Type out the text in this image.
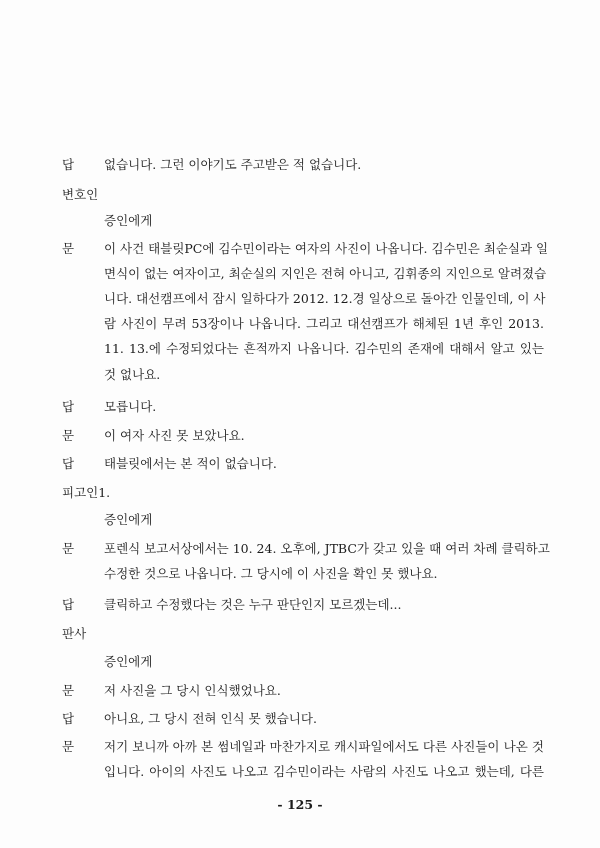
답 없습니다. 그런 이야기도 주고받은 적 없습니다.
변호인
증인에게
문 이 사건 태블릿PC에 김수민이라는 여자의 사진이 나옵니다. 김수민은 최순실과 일
면식이 없는 여자이고, 최순실의 지인은 전혀 아니고, 김휘종의 지인으로 알려졌습
니다. 대선캠프에서 잠시 일하다가 2012. 12.경 일상으로 돌아간 인물인데, 이 사
람 사진이 무려 53장이나 나옵니다. 그리고 대선캠프가 해체된 1년 후인 2013.
11. 13.에 수정되었다는 흔적까지 나옵니다. 김수민의 존재에 대해서 알고 있는
것 없나요.
답 모릅니다.
문 이 여자 사진 못 보았나요.
답 태블릿에서는 본 적이 없습니다.
피고인1.
증인에게
문 포렌식 보고서상에서는 10. 24. 오후에, JTBC가 갖고 있을 때 여러 차례 클릭하고
수정한 것으로 나옵니다. 그 당시에 이 사진을 확인 못 했나요.
답 클릭하고 수정했다는 것은 누구 판단인지 모르겠는데...
판사
증인에게
문 저 사진을 그 당시 인식했었나요.
답 아니요, 그 당시 전혀 인식 못 했습니다.
문 저기 보니까 아까 본 썸네일과 마찬가지로 캐시파일에서도 다른 사진들이 나온 것
입니다. 아이의 사진도 나오고 김수민이라는 사람의 사진도 나오고 했는데, 다른
- 125 -
